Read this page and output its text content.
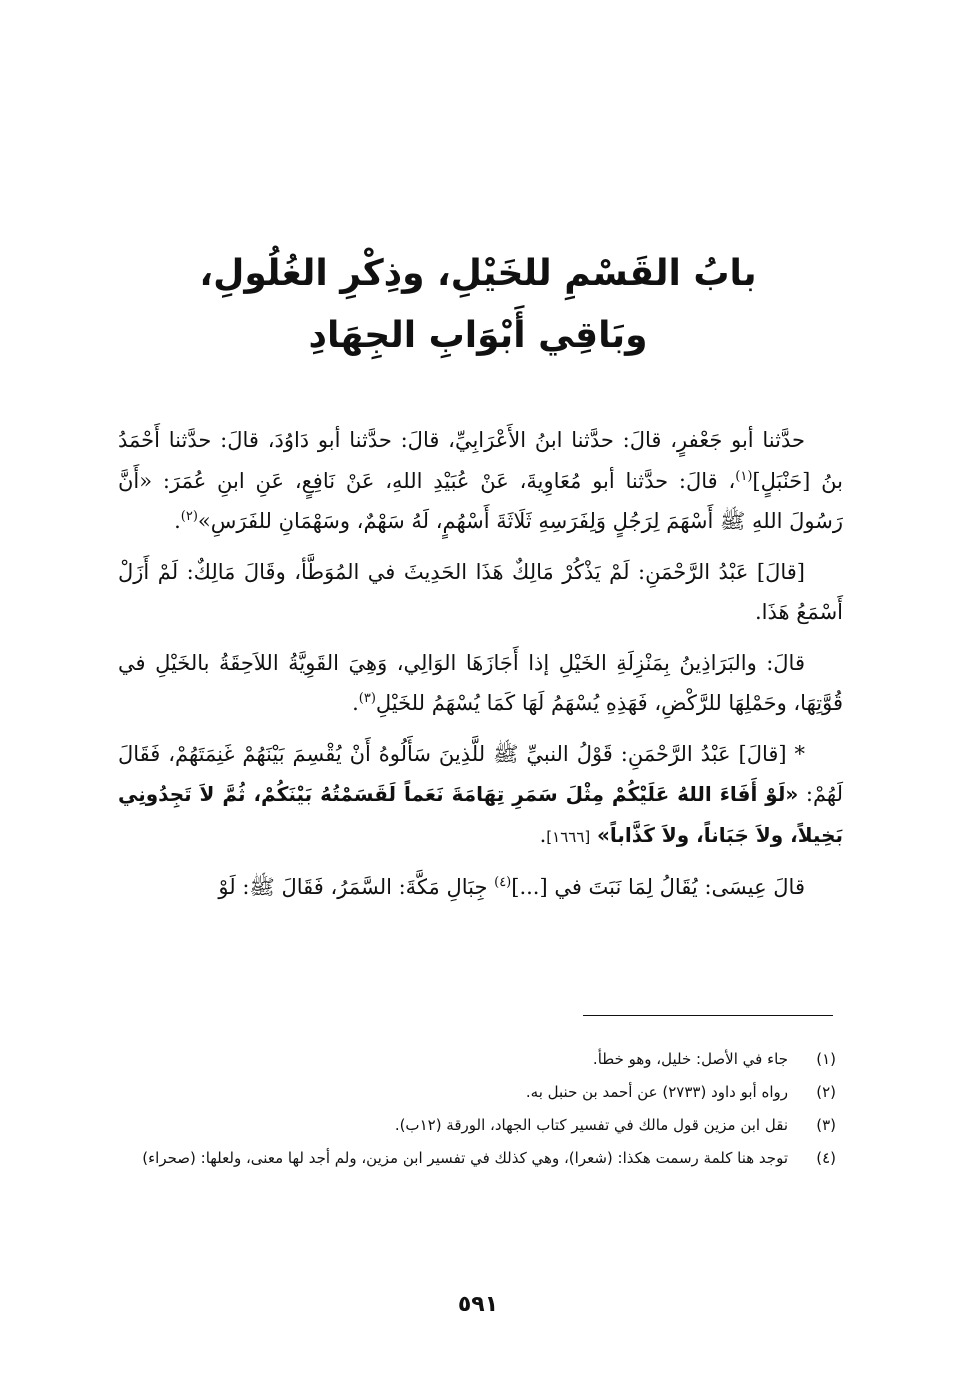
بابُ القَسْمِ للخَيْلِ، وذِكْرِ الغُلُولِ،
وبَاقِي أَبْوَابِ الجِهَادِ

حدَّثنا أبو جَعْفرٍ، قالَ: حدَّثنا ابنُ الأَعْرَابِيِّ، قالَ: حدَّثنا أبو دَاوُدَ، قالَ: حدَّثنا أَحْمَدُ بنُ [حَنْبَلٍ]$^{(١)}$، قالَ: حدَّثنا أبو مُعَاوِيةَ، عَنْ عُبَيْدِ اللهِ، عَنْ نَافِعٍ، عَنِ ابنِ عُمَرَ: «أَنَّ رَسُولَ اللهِ ﷺ أَسْهَمَ لِرَجُلٍ وَلِفَرَسِهِ ثَلَاثَةَ أَسْهُمٍ، لَهُ سَهْمٌ، وسَهْمَانِ للفَرَسِ»$^{(٢)}$.

[قالَ] عَبْدُ الرَّحْمَنِ: لَمْ يَذْكُرْ مَالِكٌ هَذَا الحَدِيثَ في المُوَطَّأ، وقَالَ مَالِكٌ: لَمْ أَزَلْ أَسْمَعُ هَذَا.

قالَ: والبَرَاذِينُ بِمَنْزِلَةِ الخَيْلِ إذا أَجَازَهَا الوَالِي، وَهِيَ القَوِيَّةُ اللاَحِقَةُ بالخَيْلِ في قُوَّتِهَا، وحَمْلِهَا للرَّكْضِ، فَهَذِهِ يُسْهَمُ لَهَا كَمَا يُسْهَمُ للخَيْلِ$^{(٣)}$.

* [قالَ] عَبْدُ الرَّحْمَنِ: قَوْلُ النبيِّ ﷺ للَّذِينَ سَأَلُوهُ أَنْ يُقْسِمَ بَيْنَهُمْ غَنِمَتَهُمْ، فَقَالَ لَهُمْ: «لَوْ أَفَاءَ اللهُ عَلَيْكُمْ مِثْلَ سَمَرِ تِهَامَةَ نَعَماً لَقَسَمْتُهُ بَيْنَكُمْ، ثُمَّ لاَ تَجِدُونِي بَخِيلاً، ولاَ جَبَاناً، ولاَ كَذَّاباً» [١٦٦٦].

قالَ عِيسَى: يُقَالُ لِمَا نَبَتَ في [...]$^{(٤)}$ جِبَالِ مَكَّةَ: السَّمَرُ، فَقَالَ ﷺ: لَوْ

(١)
جاء في الأصل: خليل، وهو خطأ.
(٢)
رواه أبو داود (٢٧٣٣) عن أحمد بن حنبل به.
(٣)
نقل ابن مزين قول مالك في تفسير كتاب الجهاد، الورقة (١٢ب).
(٤)
توجد هنا كلمة رسمت هكذا: (شعرا)، وهي كذلك في تفسير ابن مزين، ولم أجد لها معنى، ولعلها: (صحراء)
٥٩١
